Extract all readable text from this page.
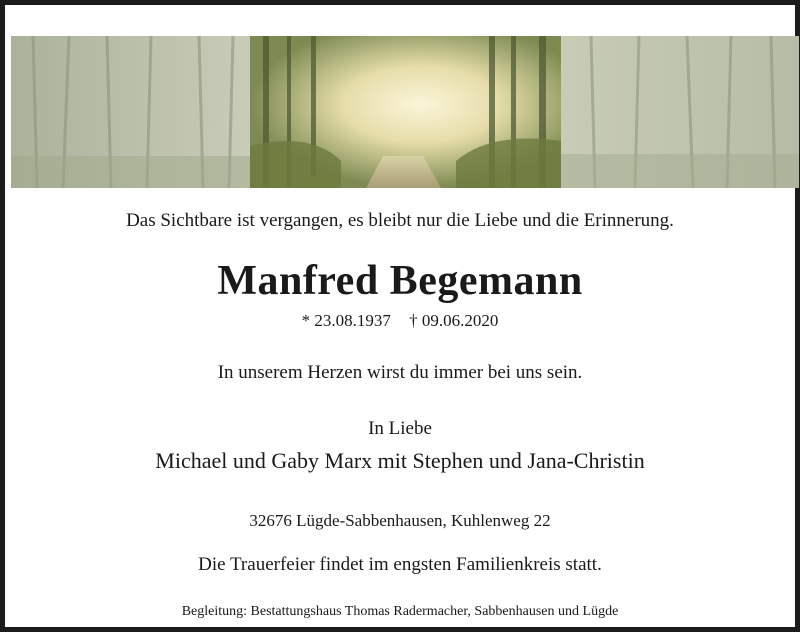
Das Sichtbare ist vergangen, es bleibt nur die Liebe und die Erinnerung.
Manfred Begemann
* 23.08.1937 † 09.06.2020
In unserem Herzen wirst du immer bei uns sein.
In Liebe
Michael und Gaby Marx mit Stephen und Jana-Christin
32676 Lügde-Sabbenhausen, Kuhlenweg 22
Die Trauerfeier findet im engsten Familienkreis statt.
Begleitung: Bestattungshaus Thomas Radermacher, Sabbenhausen und Lügde
